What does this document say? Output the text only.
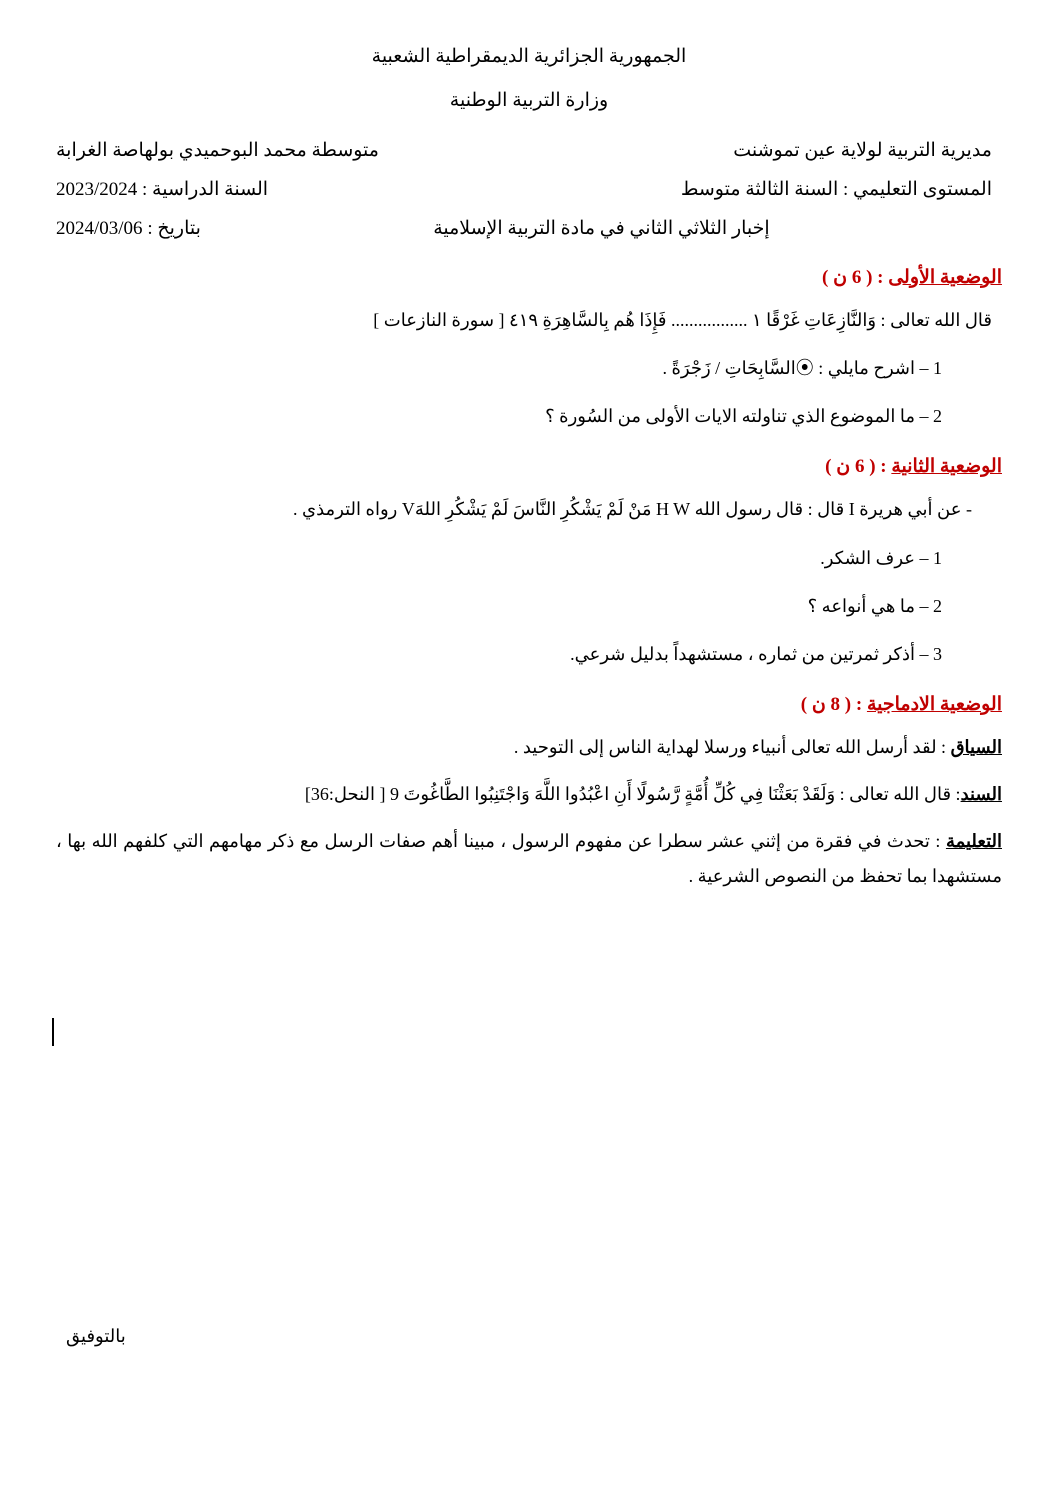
الجمهورية الجزائرية الديمقراطية الشعبية
وزارة التربية الوطنية
مديرية التربية لولاية عين تموشنت
متوسطة محمد البوحميدي بولهاصة الغرابة
المستوى التعليمي : السنة الثالثة متوسط
السنة الدراسية : 2023/2024
إخبار الثلاثي الثاني في مادة التربية الإسلامية
بتاريخ : 2024/03/06
الوضعية الأولى : ( 6 ن )
قال الله تعالى : وَالنَّازِعَاتِ غَرْقًا ١ ................. فَإِذَا هُم بِالسَّاهِرَةِ ٤١٩ [ سورة النازعات ]
1 – اشرح مايلي : ⦿السَّابِحَاتِ / زَجْرَةً .
2 – ما الموضوع الذي تناولته الايات الأولى من السُورة ؟
الوضعية الثانية : ( 6 ن )
- عن أبي هريرة I قال : قال رسول الله H W مَنْ لَمْ يَشْكُرِ النَّاسَ لَمْ يَشْكُرِ اللهَV رواه الترمذي .
1 – عرف الشكر.
2 – ما هي أنواعه ؟
3 – أذكر ثمرتين من ثماره ، مستشهداً بدليل شرعي.
الوضعية الادماجية : ( 8 ن )
السياق : لقد أرسل الله تعالى أنبياء ورسلا لهداية الناس إلى التوحيد .
السند: قال الله تعالى : وَلَقَدْ بَعَثْنَا فِي كُلِّ أُمَّةٍ رَّسُولًا أَنِ اعْبُدُوا اللَّهَ وَاجْتَنِبُوا الطَّاغُوتَ 9 [ النحل:36]
التعليمة : تحدث في فقرة من إثني عشر سطرا عن مفهوم الرسول ، مبينا أهم صفات الرسل مع ذكر مهامهم التي كلفهم الله بها ، مستشهدا بما تحفظ من النصوص الشرعية .
بالتوفيق
